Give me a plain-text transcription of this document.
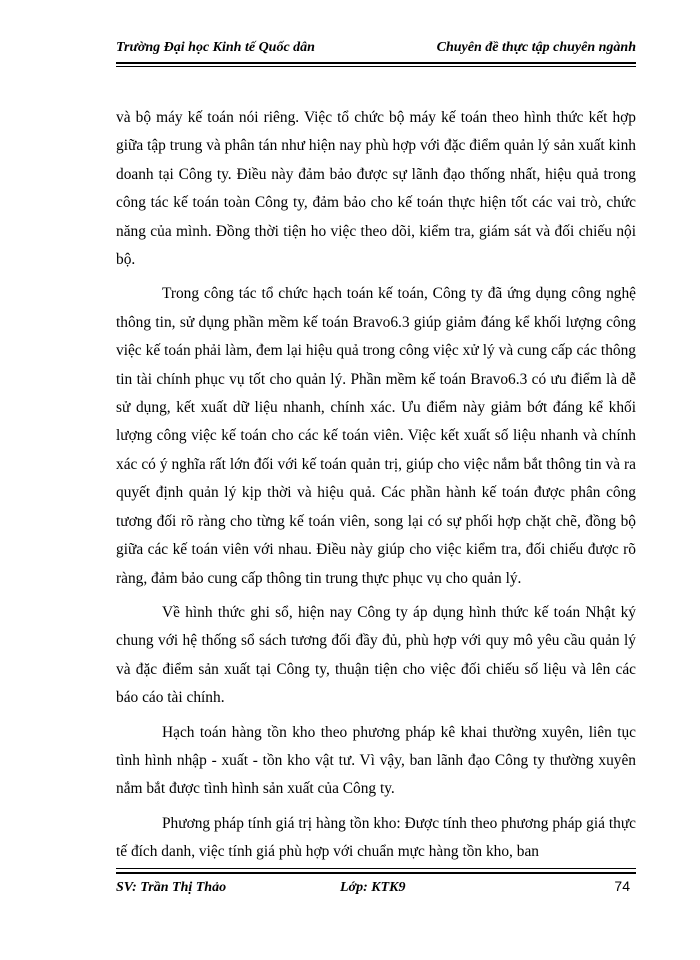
Trường Đại học Kinh tế Quốc dân	Chuyên đề thực tập chuyên ngành

và bộ máy kế toán nói riêng. Việc tổ chức bộ máy kế toán theo hình thức kết hợp giữa tập trung và phân tán như hiện nay phù hợp với đặc điểm quản lý sản xuất kinh doanh tại Công ty. Điều này đảm bảo được sự lãnh đạo thống nhất, hiệu quả trong công tác kế toán toàn Công ty, đảm bảo cho kế toán thực hiện tốt các vai trò, chức năng của mình. Đồng thời tiện ho việc theo dõi, kiểm tra, giám sát và đối chiếu nội bộ.

Trong công tác tổ chức hạch toán kế toán, Công ty đã ứng dụng công nghệ thông tin, sử dụng phần mềm kế toán Bravo6.3 giúp giảm đáng kể khối lượng công việc kế toán phải làm, đem lại hiệu quả trong công việc xử lý và cung cấp các thông tin tài chính phục vụ tốt cho quản lý. Phần mềm kế toán Bravo6.3 có ưu điểm là dễ sử dụng, kết xuất dữ liệu nhanh, chính xác. Ưu điểm này giảm bớt đáng kể khối lượng công việc kế toán cho các kế toán viên. Việc kết xuất số liệu nhanh và chính xác có ý nghĩa rất lớn đối với kế toán quản trị, giúp cho việc nắm bắt thông tin và ra quyết định quản lý kịp thời và hiệu quả. Các phần hành kế toán được phân công tương đối rõ ràng cho từng kế toán viên, song lại có sự phối hợp chặt chẽ, đồng bộ giữa các kế toán viên với nhau. Điều này giúp cho việc kiểm tra, đối chiếu được rõ ràng, đảm bảo cung cấp thông tin trung thực phục vụ cho quản lý.

Về hình thức ghi sổ, hiện nay Công ty áp dụng hình thức kế toán Nhật ký chung với hệ thống sổ sách tương đối đầy đủ, phù hợp với quy mô yêu cầu quản lý và đặc điểm sản xuất tại Công ty, thuận tiện cho việc đối chiếu số liệu và lên các báo cáo tài chính.

Hạch toán hàng tồn kho theo phương pháp kê khai thường xuyên, liên tục tình hình nhập - xuất - tồn kho vật tư. Vì vậy, ban lãnh đạo Công ty thường xuyên nắm bắt được tình hình sản xuất của Công ty.

Phương pháp tính giá trị hàng tồn kho: Được tính theo phương pháp giá thực tế đích danh, việc tính giá phù hợp với chuẩn mực hàng tồn kho, ban

SV: Trần Thị Thảo	Lớp: KTK9	74
